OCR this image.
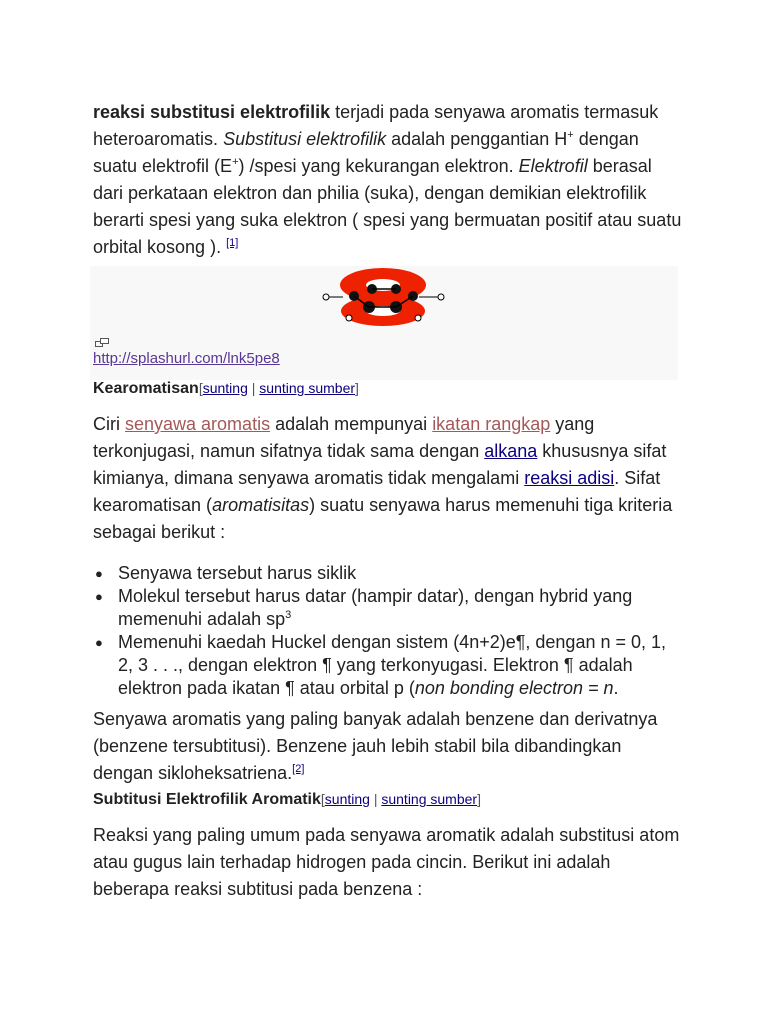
reaksi substitusi elektrofilik terjadi pada senyawa aromatis termasuk heteroaromatis. Substitusi elektrofilik adalah penggantian H+ dengan suatu elektrofil (E+) /spesi yang kekurangan elektron. Elektrofil berasal dari perkataan elektron dan philia (suka), dengan demikian elektrofilik berarti spesi yang suka elektron ( spesi yang bermuatan positif atau suatu orbital kosong ). [1]

http://splashurl.com/lnk5pe8
Kearomatisan[sunting | sunting sumber]

Ciri senyawa aromatis adalah mempunyai ikatan rangkap yang terkonjugasi, namun sifatnya tidak sama dengan alkana khususnya sifat kimianya, dimana senyawa aromatis tidak mengalami reaksi adisi. Sifat kearomatisan (aromatisitas) suatu senyawa harus memenuhi tiga kriteria sebagai berikut :

● Senyawa tersebut harus siklik
● Molekul tersebut harus datar (hampir datar), dengan hybrid yang memenuhi adalah $sp^3$
● Memenuhi kaedah Huckel dengan sistem (4n+2)e¶, dengan n = 0, 1, 2, 3 . . ., dengan elektron ¶ yang terkonyugasi. Elektron ¶ adalah elektron pada ikatan ¶ atau orbital p (non bonding electron = n.

Senyawa aromatis yang paling banyak adalah benzene dan derivatnya (benzene tersubtitusi). Benzene jauh lebih stabil bila dibandingkan dengan sikloheksatriena.[2]

Subtitusi Elektrofilik Aromatik[sunting | sunting sumber]

Reaksi yang paling umum pada senyawa aromatik adalah substitusi atom atau gugus lain terhadap hidrogen pada cincin. Berikut ini adalah beberapa reaksi subtitusi pada benzena :
